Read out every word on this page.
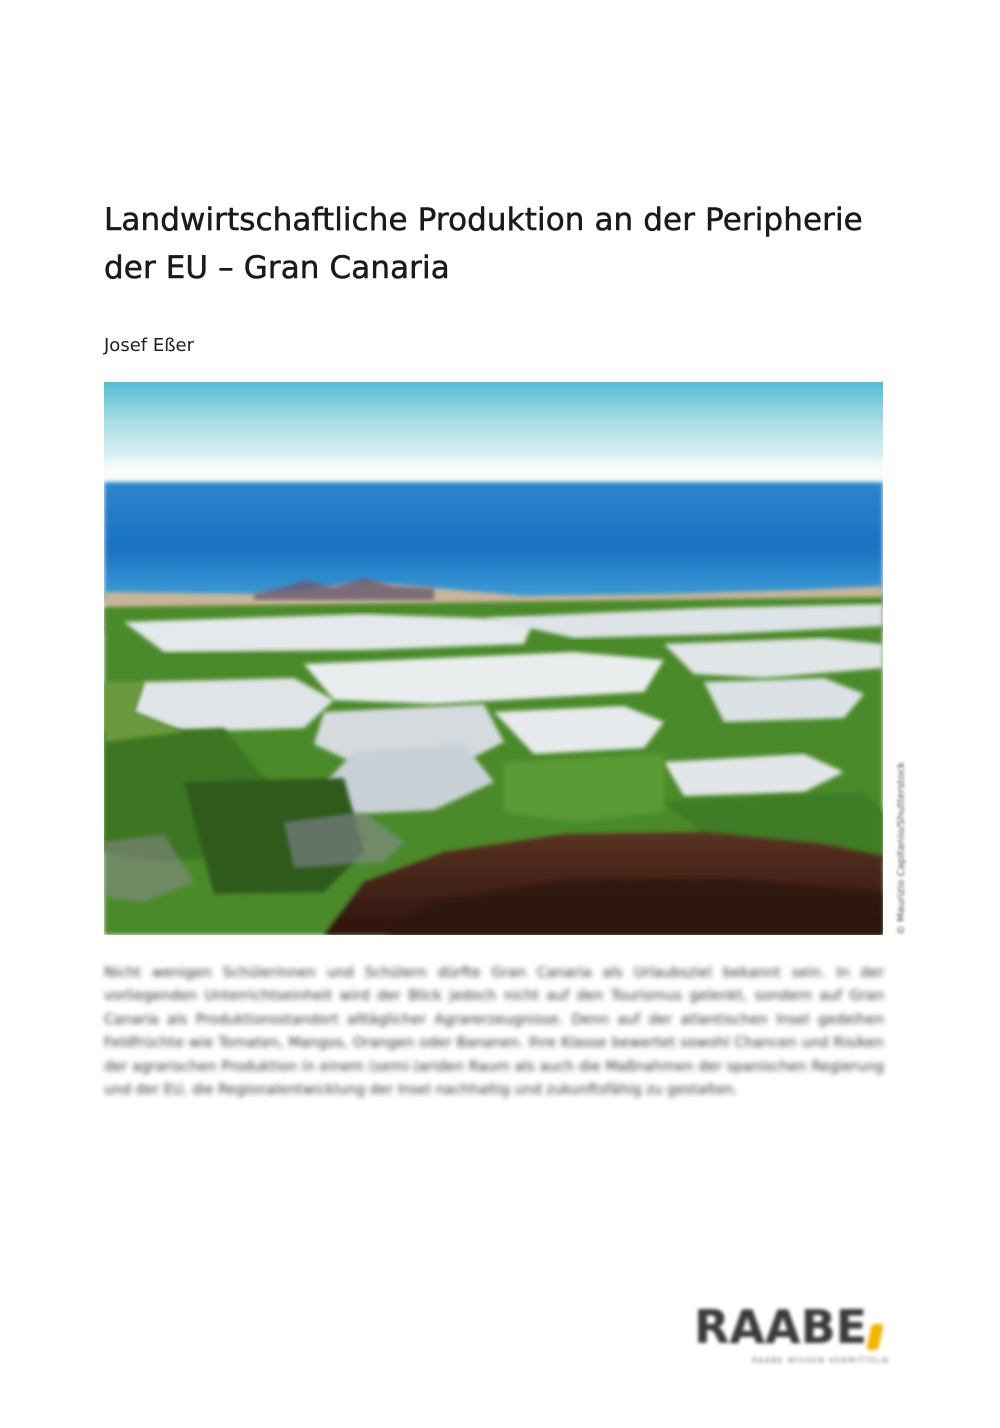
Landwirtschaftliche Produktion an der Peripherie der EU – Gran Canaria
Josef Eßer
© Maurizio Capitanio/Shutterstock

Nicht wenigen Schülerinnen und Schülern dürfte Gran Canaria als Urlaubsziel bekannt sein. In der vorliegenden Unterrichtseinheit wird der Blick jedoch nicht auf den Tourismus gelenkt, sondern auf Gran Canaria als Produktionsstandort alltäglicher Agrarerzeugnisse. Denn auf der atlantischen Insel gedeihen Feldfrüchte wie Tomaten, Mangos, Orangen oder Bananen. Ihre Klasse bewertet sowohl Chancen und Risiken der agrarischen Produktion in einem (semi-)ariden Raum als auch die Maßnahmen der spanischen Regierung und der EU, die Regionalentwicklung der Insel nachhaltig und zukunftsfähig zu gestalten.

RAABE
RAABE WISSEN VERMITTELN
